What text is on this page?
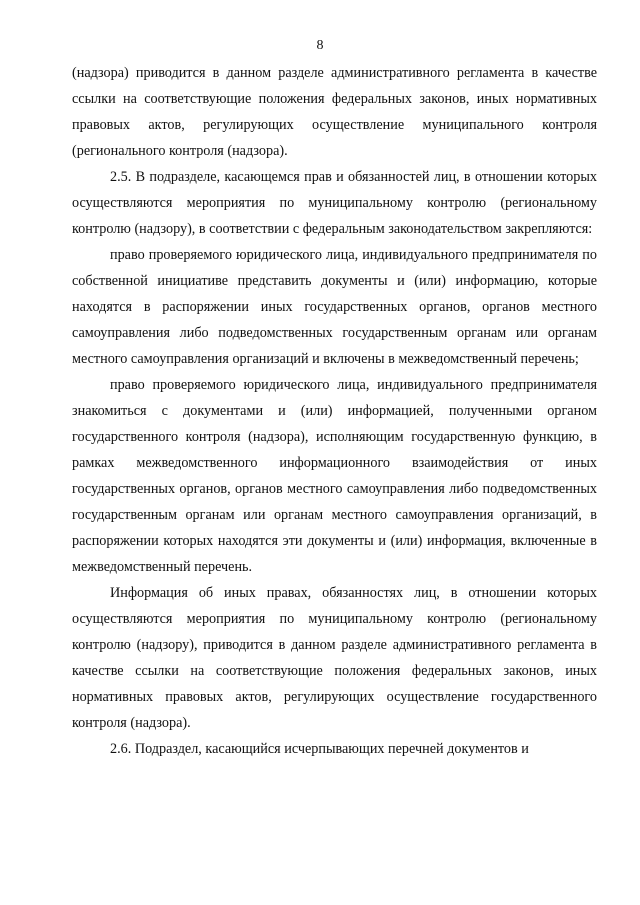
8

(надзора) приводится в данном разделе административного регламента в качестве ссылки на соответствующие положения федеральных законов, иных нормативных правовых актов, регулирующих осуществление муниципального контроля (регионального контроля (надзора).

2.5. В подразделе, касающемся прав и обязанностей лиц, в отношении которых осуществляются мероприятия по муниципальному контролю (региональному контролю (надзору), в соответствии с федеральным законодательством закрепляются:

право проверяемого юридического лица, индивидуального предпринимателя по собственной инициативе представить документы и (или) информацию, которые находятся в распоряжении иных государственных органов, органов местного самоуправления либо подведомственных государственным органам или органам местного самоуправления организаций и включены в межведомственный перечень;

право проверяемого юридического лица, индивидуального предпринимателя знакомиться с документами и (или) информацией, полученными органом государственного контроля (надзора), исполняющим государственную функцию, в рамках межведомственного информационного взаимодействия от иных государственных органов, органов местного самоуправления либо подведомственных государственным органам или органам местного самоуправления организаций, в распоряжении которых находятся эти документы и (или) информация, включенные в межведомственный перечень.

Информация об иных правах, обязанностях лиц, в отношении которых осуществляются мероприятия по муниципальному контролю (региональному контролю (надзору), приводится в данном разделе административного регламента в качестве ссылки на соответствующие положения федеральных законов, иных нормативных правовых актов, регулирующих осуществление государственного контроля (надзора).

2.6. Подраздел, касающийся исчерпывающих перечней документов и
